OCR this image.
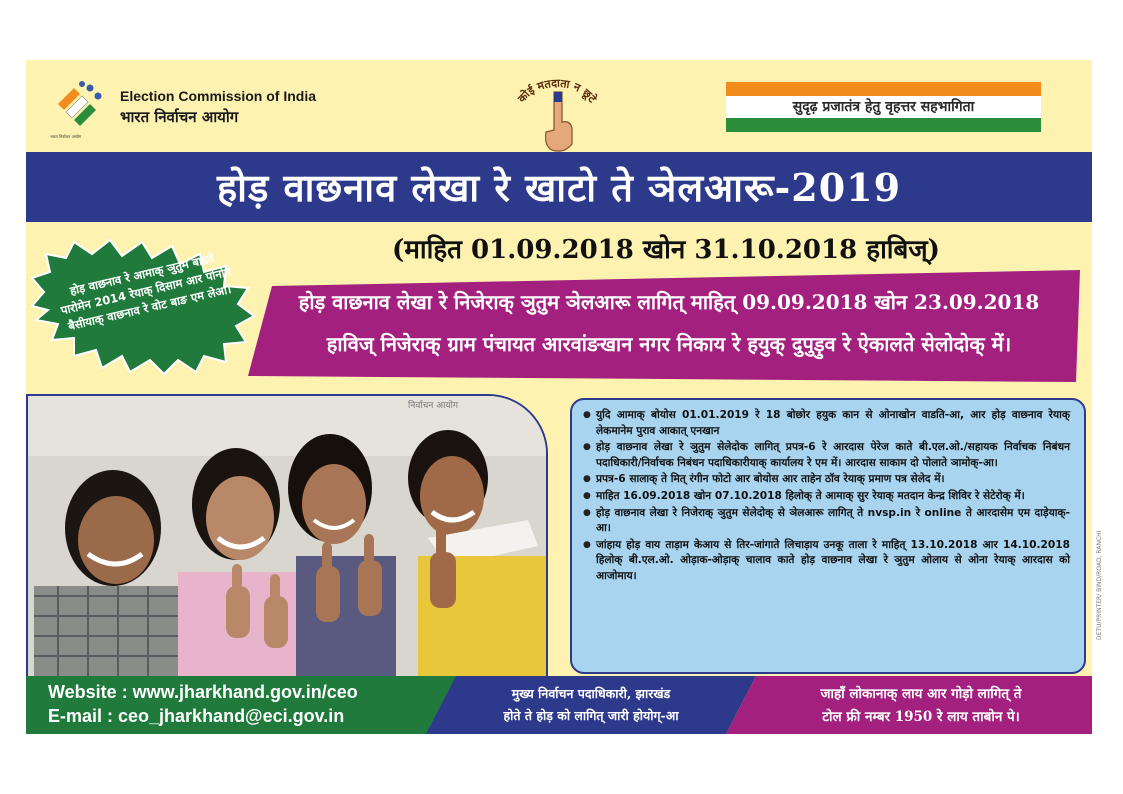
भारत निर्वाचन आयोग
Election Commission of India
भारत निर्वाचन आयोग
कोई मतदाता न छूटे
सुदृढ़ प्रजातंत्र हेतु वृहत्तर सहभागिता
होड़ वाछनाव लेखा रे खाटो ते ञेलआरू-2019
(माहित 01.09.2018 खोन 31.10.2018 हाबिज्)
होड़ वाछनाव रे आमाक् ञुतुम बाडते पारोमेन 2014 रेयाक् दिसाम आर पोनोत बैसीयाक् वाछनाव रे वोट बाङ एम लेआ।	होड़ वाछनाव लेखा रे निजेराक् ञुतुम ञेलआरू लागित् माहित् 09.09.2018 खोन 23.09.2018
हाविज् निजेराक् ग्राम पंचायत आरवांङखान नगर निकाय रे हयुक् दुपुड़ुव रे ऐकालते सेलोदोक् में।
निर्वाचन आयोग
● युदि आमाक् बोयोस 01.01.2019 रे 18 बोछोर हयुक कान से ओनाखोन वाडति-आ, आर होड़ वाछनाव रेयाक् लेकमानेम पुराव आकात् एनखान
● होड़ वाछनाव लेखा रे ञुतुम सेलेदोक लागित् प्रपत्र-6 रे आरदास पेरेज काते बी.एल.ओ./सहायक निर्वाचक निबंधन पदाधिकारी/निर्वाचक निबंधन पदाधिकारीयाक् कार्यालय रे एम में। आरदास साकाम दो पोलाते ञामोक्-आ।
● प्रपत्र-6 सालाक् ते मित् रंगीन फोटो आर बोयोस आर ताहेन ठॉव रेयाक् प्रमाण पत्र सेलेद में।
● माहित 16.09.2018 खोन 07.10.2018 हिलोक् ते आमाक् सुर रेयाक् मतदान केन्द्र शिविर रे सेटेरोक् में।
● होड़ वाछनाव लेखा रे निजेराक् ञुतुम सेलेदोक् से ञेलआरू लागित् ते nvsp.in रे online ते आरदासेम एम दाड़ेयाक्-आ।
● जांहाय होड़ वाय ताड़ाम केआय से तिर-जांगाते लिचाड़ाय उनकू ताला रे माहित् 13.10.2018 आर 14.10.2018 हिलोक् बी.एल.ओ. ओड़ाक-ओड़ाक् चालाव काते होड़ वाछनाव लेखा रे ञुतुम ओलाय से ओना रेयाक् आरदास को आजोमाय।
Website : www.jharkhand.gov.in/ceo
E-mail : ceo_jharkhand@eci.gov.in
मुख्य निर्वाचन पदाधिकारी, झारखंड
होते ते होड़ को लागित् जारी होयोग्-आ
जाहाँ लोकानाक् लाय आर गोड़ो लागित् ते
टोल फ्री नम्बर 1950 रे लाय ताबोन पे।
DETU/PRINTER/ BIND/ROAD, RANCHI
